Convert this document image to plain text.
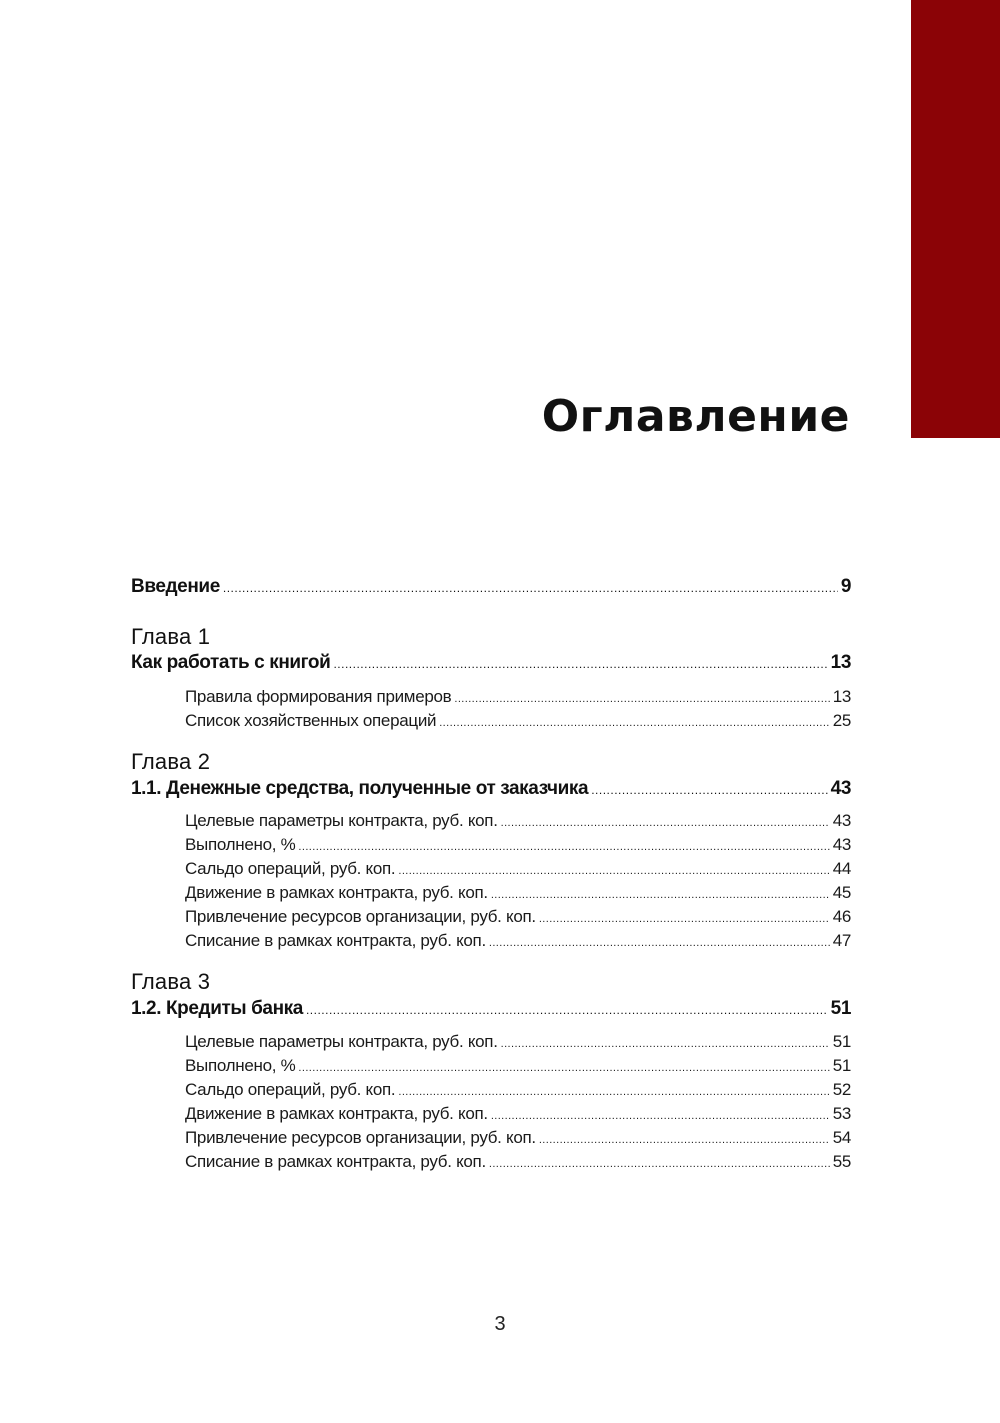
Оглавление
Введение .....	9
Глава 1
Как работать с книгой .....	13
Правила формирования примеров .....	13
Список хозяйственных операций .....	25
Глава 2
1.1. Денежные средства, полученные от заказчика .....	43
Целевые параметры контракта, руб. коп. .....	43
Выполнено, % .....	43
Сальдо операций, руб. коп. .....	44
Движение в рамках контракта, руб. коп. .....	45
Привлечение ресурсов организации, руб. коп. .....	46
Списание в рамках контракта, руб. коп. .....	47
Глава 3
1.2. Кредиты банка .....	51
Целевые параметры контракта, руб. коп. .....	51
Выполнено, % .....	51
Сальдо операций, руб. коп. .....	52
Движение в рамках контракта, руб. коп. .....	53
Привлечение ресурсов организации, руб. коп. .....	54
Списание в рамках контракта, руб. коп. .....	55
3
